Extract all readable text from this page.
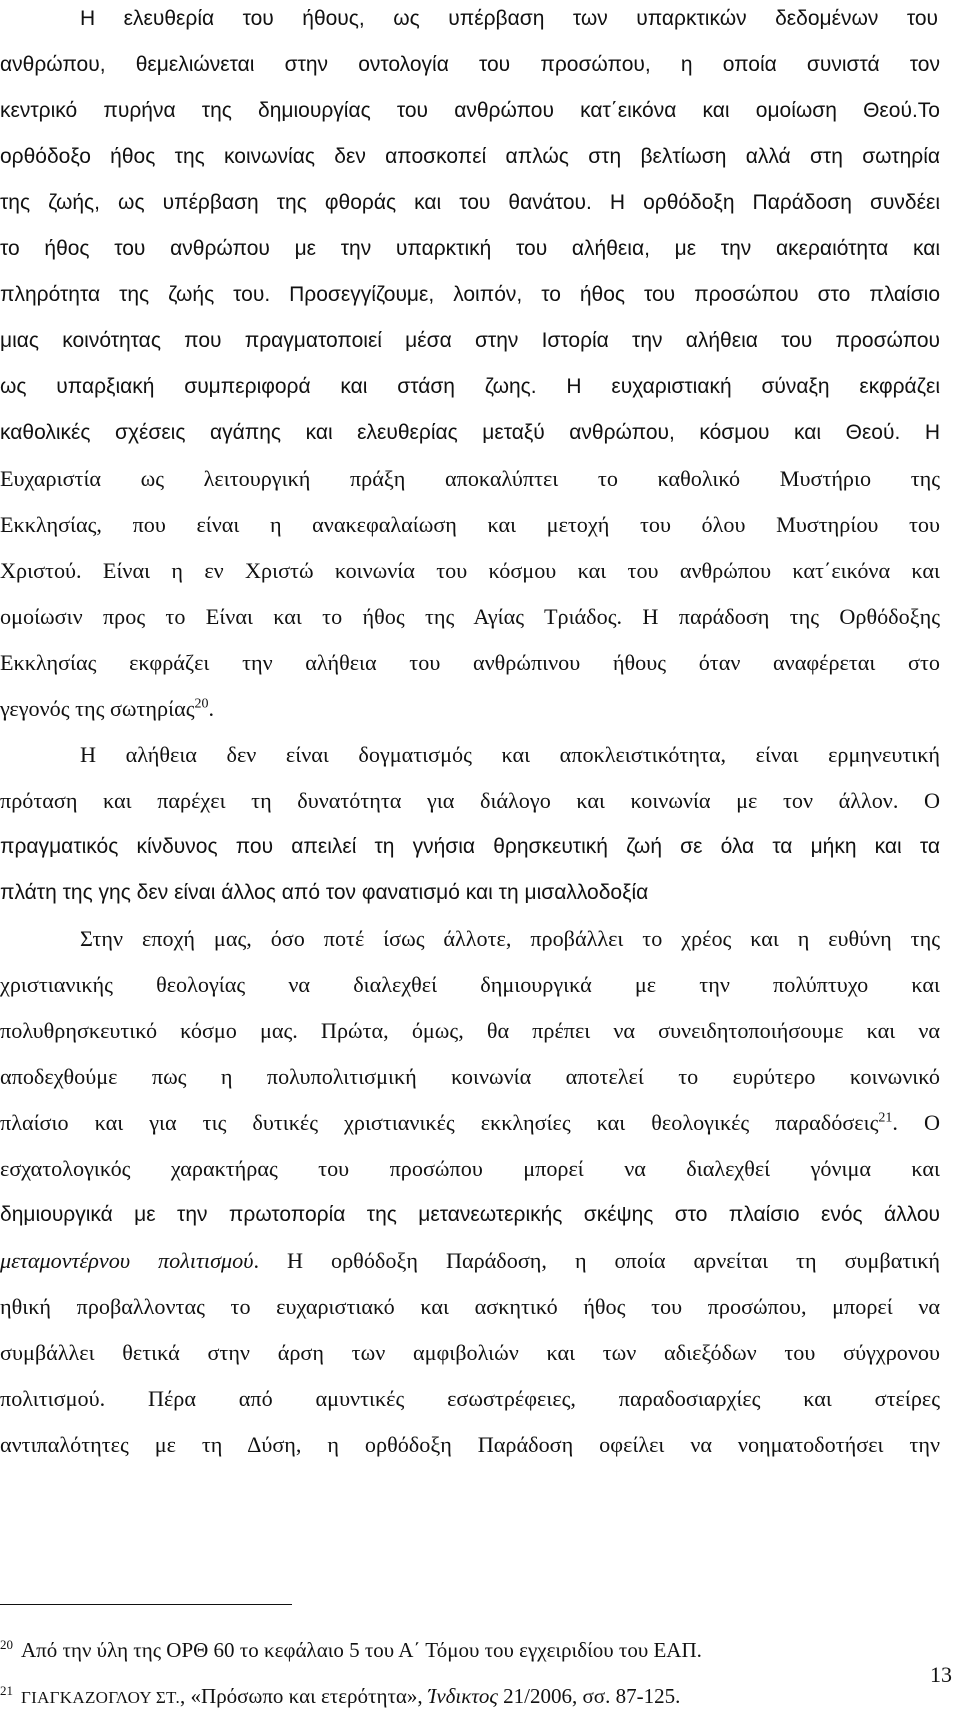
Η ελευθερία του ήθους, ως υπέρβαση των υπαρκτικών δεδομένων του
ανθρώπου, θεμελιώνεται στην οντολογία του προσώπου, η οποία συνιστά τον
κεντρικό πυρήνα της δημιουργίας του ανθρώπου κατ΄εικόνα και ομοίωση Θεού.Το
ορθόδοξο ήθος της κοινωνίας δεν αποσκοπεί απλώς στη βελτίωση αλλά στη σωτηρία
της ζωής, ως υπέρβαση της φθοράς και του θανάτου. Η ορθόδοξη Παράδοση συνδέει
το ήθος του ανθρώπου με την υπαρκτική του αλήθεια, με την ακεραιότητα και
πληρότητα της ζωής του. Προσεγγίζουμε, λοιπόν, το ήθος του προσώπου στο πλαίσιο
μιας κοινότητας που πραγματοποιεί μέσα στην Ιστορία την αλήθεια του προσώπου
ως υπαρξιακή συμπεριφορά και στάση ζωης. Η ευχαριστιακή σύναξη εκφράζει
καθολικές σχέσεις αγάπης και ελευθερίας μεταξύ ανθρώπου, κόσμου και Θεού. Η
Ευχαριστία ως λειτουργική πράξη αποκαλύπτει το καθολικό Μυστήριο της
Εκκλησίας, που είναι η ανακεφαλαίωση και μετοχή του όλου Μυστηρίου του
Χριστού. Είναι η εν Χριστώ κοινωνία του κόσμου και του ανθρώπου κατ΄εικόνα και
ομοίωσιν προς το Είναι και το ήθος της Αγίας Τριάδος. Η παράδοση της Ορθόδοξης
Εκκλησίας εκφράζει την αλήθεια του ανθρώπινου ήθους όταν αναφέρεται στο
γεγονός της σωτηρίας$^{20}$.
Η αλήθεια δεν είναι δογματισμός και αποκλειστικότητα, είναι ερμηνευτική
πρόταση και παρέχει τη δυνατότητα για διάλογο και κοινωνία με τον άλλον. Ο
πραγματικός κίνδυνος που απειλεί τη γνήσια θρησκευτική ζωή σε όλα τα μήκη και τα
πλάτη της γης δεν είναι άλλος από τον φανατισμό και τη μισαλλοδοξία
Στην εποχή μας, όσο ποτέ ίσως άλλοτε, προβάλλει το χρέος και η ευθύνη της
χριστιανικής θεολογίας να διαλεχθεί δημιουργικά με την πολύπτυχο και
πολυθρησκευτικό κόσμο μας. Πρώτα, όμως, θα πρέπει να συνειδητοποιήσουμε και να
αποδεχθούμε πως η πολυπολιτισμική κοινωνία αποτελεί το ευρύτερο κοινωνικό
πλαίσιο και για τις δυτικές χριστιανικές εκκλησίες και θεολογικές παραδόσεις$^{21}$. Ο
εσχατολογικός χαρακτήρας του προσώπου μπορεί να διαλεχθεί γόνιμα και
δημιουργικά με την πρωτοπορία της μετανεωτερικής σκέψης στο πλαίσιο ενός άλλου
μεταμοντέρνου πολιτισμού. Η ορθόδοξη Παράδοση, η οποία αρνείται τη συμβατική
ηθική προβαλλοντας το ευχαριστιακό και ασκητικό ήθος του προσώπου, μπορεί να
συμβάλλει θετικά στην άρση των αμφιβολιών και των αδιεξόδων του σύγχρονου
πολιτισμού. Πέρα από αμυντικές εσωστρέφειες, παραδοσιαρχίες και στείρες
αντιπαλότητες με τη Δύση, η ορθόδοξη Παράδοση οφείλει να νοηματοδοτήσει την
$^{20}$ Από την ύλη της ΟΡΘ 60 το κεφάλαιο 5 του Α΄ Τόμου του εγχειριδίου του ΕΑΠ.
$^{21}$ ΓΙΑΓΚΑΖΟΓΛΟΥ ΣΤ., «Πρόσωπο και ετερότητα», Ίνδικτος 21/2006, σσ. 87-125.
13
